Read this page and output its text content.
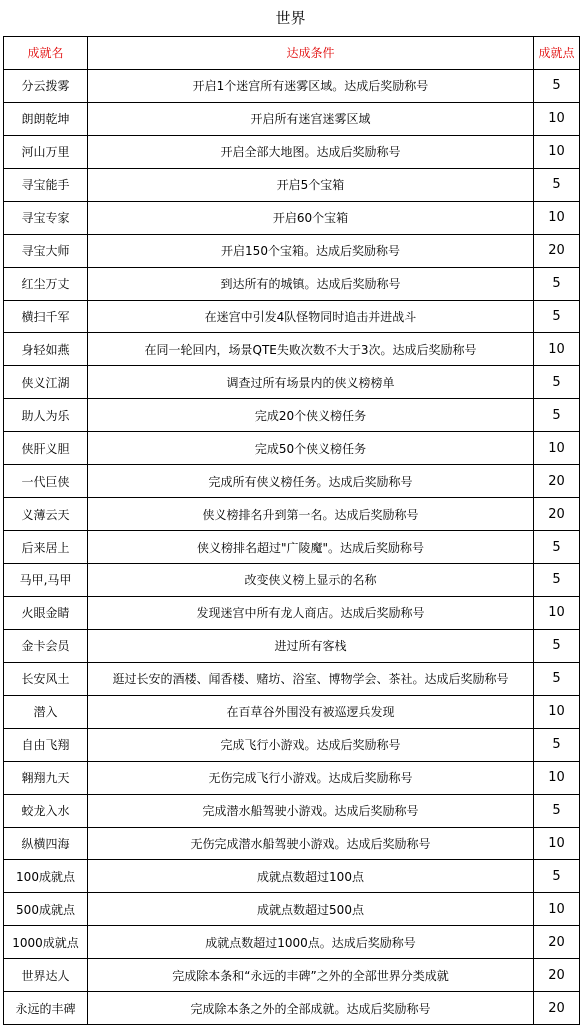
世界
成就名	达成条件	成就点
分云拨雾	开启1个迷宫所有迷雾区域。达成后奖励称号	5
朗朗乾坤	开启所有迷宫迷雾区域	10
河山万里	开启全部大地图。达成后奖励称号	10
寻宝能手	开启5个宝箱	5
寻宝专家	开启60个宝箱	10
寻宝大师	开启150个宝箱。达成后奖励称号	20
红尘万丈	到达所有的城镇。达成后奖励称号	5
横扫千军	在迷宫中引发4队怪物同时追击并进战斗	5
身轻如燕	在同一轮回内，场景QTE失败次数不大于3次。达成后奖励称号	10
侠义江湖	调查过所有场景内的侠义榜榜单	5
助人为乐	完成20个侠义榜任务	5
侠肝义胆	完成50个侠义榜任务	10
一代巨侠	完成所有侠义榜任务。达成后奖励称号	20
义薄云天	侠义榜排名升到第一名。达成后奖励称号	20
后来居上	侠义榜排名超过"广陵魔"。达成后奖励称号	5
马甲,马甲	改变侠义榜上显示的名称	5
火眼金睛	发现迷宫中所有龙人商店。达成后奖励称号	10
金卡会员	进过所有客栈	5
长安风土	逛过长安的酒楼、闻香楼、赌坊、浴室、博物学会、茶社。达成后奖励称号	5
潜入	在百草谷外围没有被巡逻兵发现	10
自由飞翔	完成飞行小游戏。达成后奖励称号	5
翱翔九天	无伤完成飞行小游戏。达成后奖励称号	10
蛟龙入水	完成潜水船驾驶小游戏。达成后奖励称号	5
纵横四海	无伤完成潜水船驾驶小游戏。达成后奖励称号	10
100成就点	成就点数超过100点	5
500成就点	成就点数超过500点	10
1000成就点	成就点数超过1000点。达成后奖励称号	20
世界达人	完成除本条和“永远的丰碑”之外的全部世界分类成就	20
永远的丰碑	完成除本条之外的全部成就。达成后奖励称号	20
